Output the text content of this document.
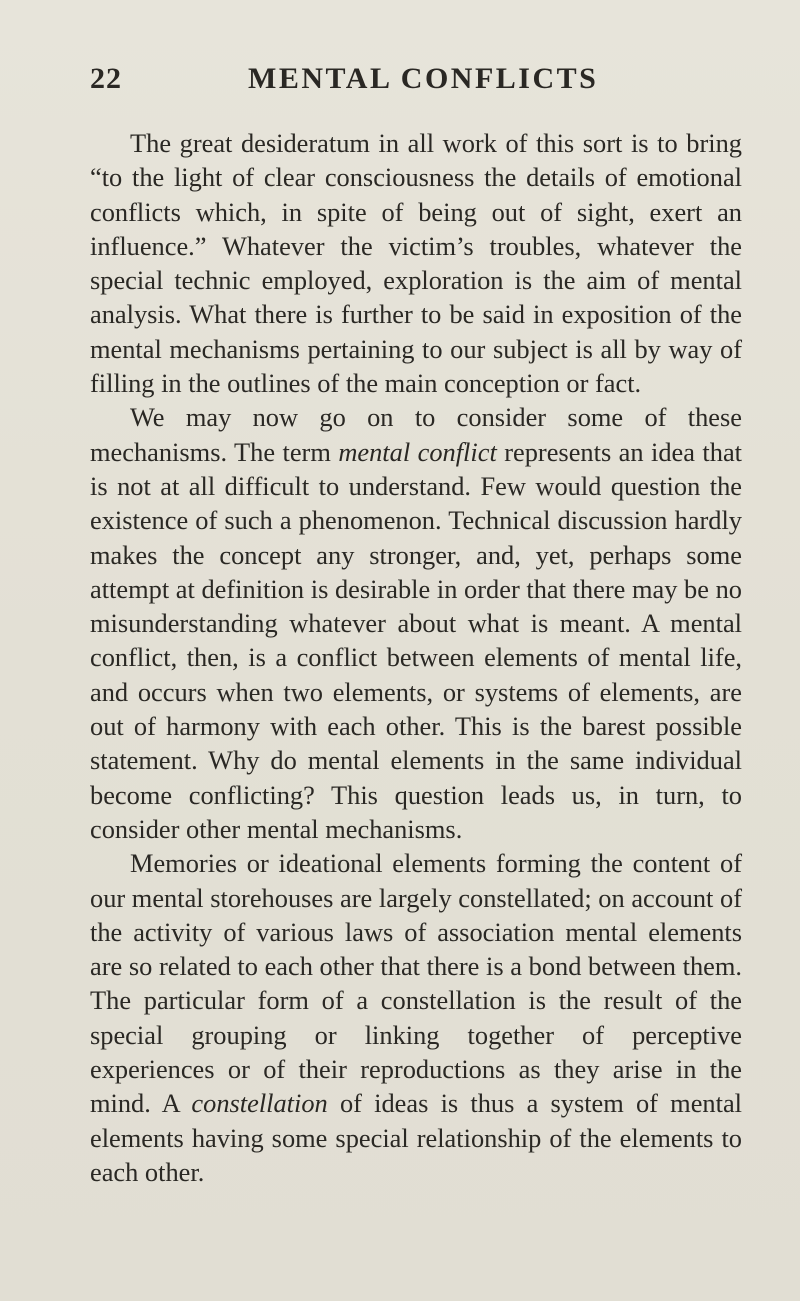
22	MENTAL CONFLICTS

The great desideratum in all work of this sort is to bring “to the light of clear consciousness the details of emotional conflicts which, in spite of being out of sight, exert an influence.” Whatever the victim’s troubles, whatever the special technic employed, exploration is the aim of mental analysis. What there is further to be said in exposition of the mental mechanisms pertaining to our subject is all by way of filling in the outlines of the main conception or fact.

We may now go on to consider some of these mechanisms. The term mental conflict represents an idea that is not at all difficult to understand. Few would question the existence of such a phenomenon. Technical discussion hardly makes the concept any stronger, and, yet, perhaps some attempt at definition is desirable in order that there may be no misunderstanding whatever about what is meant. A mental conflict, then, is a conflict between elements of mental life, and occurs when two elements, or systems of elements, are out of harmony with each other. This is the barest possible statement. Why do mental elements in the same individual become conflicting? This question leads us, in turn, to consider other mental mechanisms.

Memories or ideational elements forming the content of our mental storehouses are largely constellated; on account of the activity of various laws of association mental elements are so related to each other that there is a bond between them. The particular form of a constellation is the result of the special grouping or linking together of perceptive experiences or of their reproductions as they arise in the mind. A constellation of ideas is thus a system of mental elements having some special relationship of the elements to each other.
